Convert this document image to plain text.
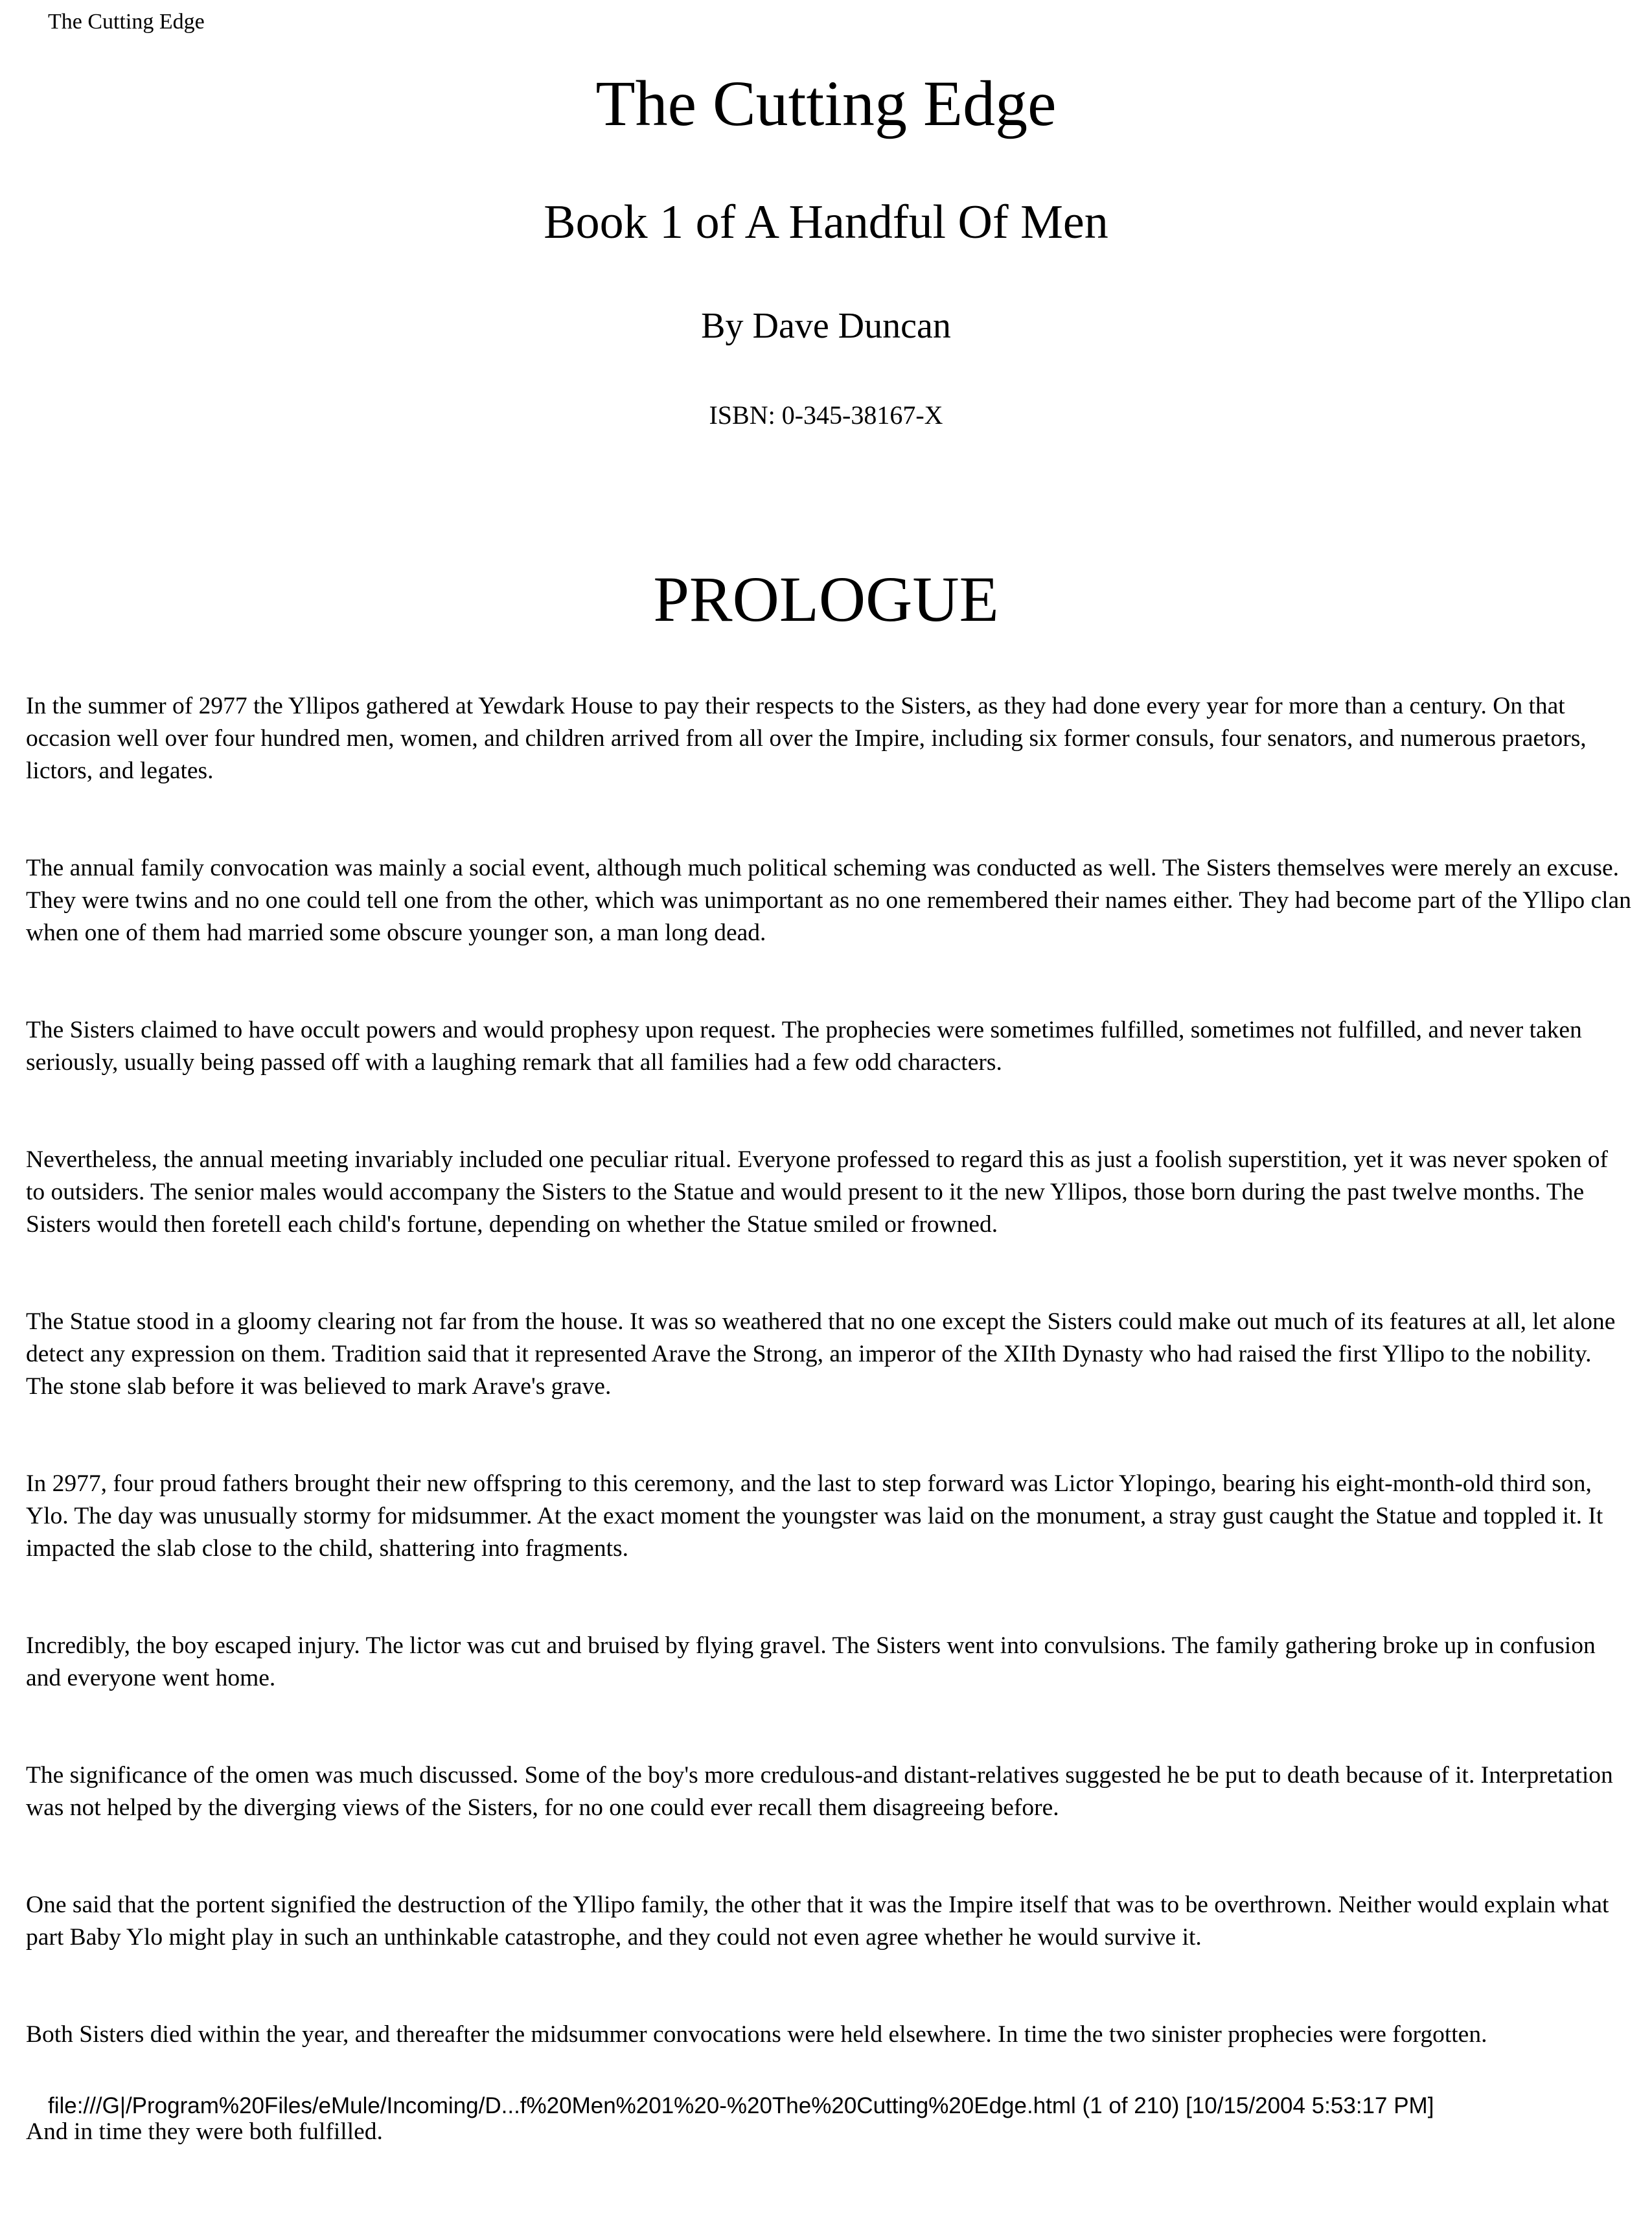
The Cutting Edge
The Cutting Edge
Book 1 of A Handful Of Men
By Dave Duncan
ISBN: 0-345-38167-X
PROLOGUE

In the summer of 2977 the Yllipos gathered at Yewdark House to pay their respects to the Sisters, as they had done every year for more than a century. On that occasion well over four hundred men, women, and children arrived from all over the Impire, including six former consuls, four senators, and numerous praetors, lictors, and legates.

The annual family convocation was mainly a social event, although much political scheming was conducted as well. The Sisters themselves were merely an excuse. They were twins and no one could tell one from the other, which was unimportant as no one remembered their names either. They had become part of the Yllipo clan when one of them had married some obscure younger son, a man long dead.

The Sisters claimed to have occult powers and would prophesy upon request. The prophecies were sometimes fulfilled, sometimes not fulfilled, and never taken seriously, usually being passed off with a laughing remark that all families had a few odd characters.

Nevertheless, the annual meeting invariably included one peculiar ritual. Everyone professed to regard this as just a foolish superstition, yet it was never spoken of to outsiders. The senior males would accompany the Sisters to the Statue and would present to it the new Yllipos, those born during the past twelve months. The Sisters would then foretell each child's fortune, depending on whether the Statue smiled or frowned.

The Statue stood in a gloomy clearing not far from the house. It was so weathered that no one except the Sisters could make out much of its features at all, let alone detect any expression on them. Tradition said that it represented Arave the Strong, an imperor of the XIIth Dynasty who had raised the first Yllipo to the nobility. The stone slab before it was believed to mark Arave's grave.

In 2977, four proud fathers brought their new offspring to this ceremony, and the last to step forward was Lictor Ylopingo, bearing his eight-month-old third son, Ylo. The day was unusually stormy for midsummer. At the exact moment the youngster was laid on the monument, a stray gust caught the Statue and toppled it. It impacted the slab close to the child, shattering into fragments.

Incredibly, the boy escaped injury. The lictor was cut and bruised by flying gravel. The Sisters went into convulsions. The family gathering broke up in confusion and everyone went home.

The significance of the omen was much discussed. Some of the boy's more credulous-and distant-relatives suggested he be put to death because of it. Interpretation was not helped by the diverging views of the Sisters, for no one could ever recall them disagreeing before.

One said that the portent signified the destruction of the Yllipo family, the other that it was the Impire itself that was to be overthrown. Neither would explain what part Baby Ylo might play in such an unthinkable catastrophe, and they could not even agree whether he would survive it.

Both Sisters died within the year, and thereafter the midsummer convocations were held elsewhere. In time the two sinister prophecies were forgotten.

And in time they were both fulfilled.

file:///G|/Program%20Files/eMule/Incoming/D...f%20Men%201%20-%20The%20Cutting%20Edge.html (1 of 210) [10/15/2004 5:53:17 PM]
